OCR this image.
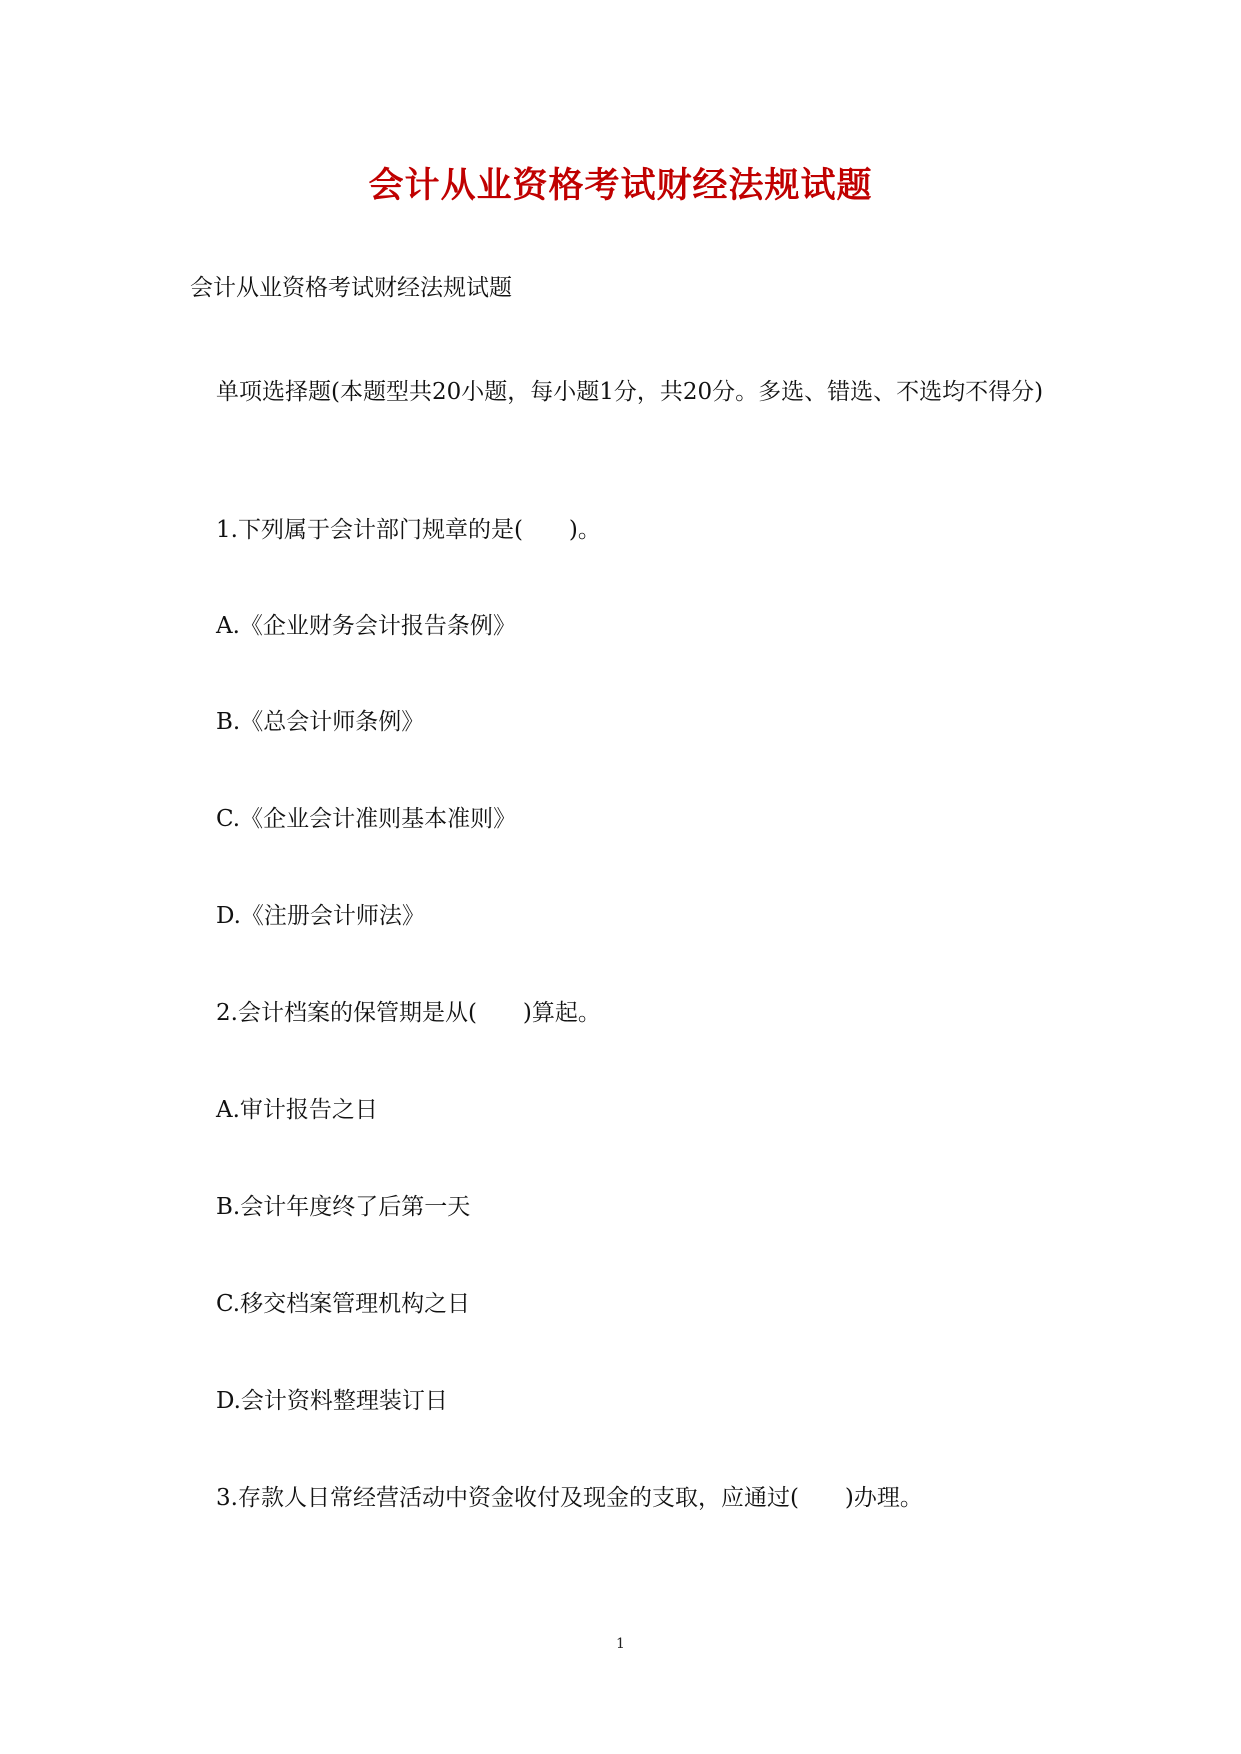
会计从业资格考试财经法规试题

会计从业资格考试财经法规试题

单项选择题(本题型共20小题，每小题1分，共20分。多选、错选、不选均不得分)

1.下列属于会计部门规章的是(　　)。

A.《企业财务会计报告条例》

B.《总会计师条例》

C.《企业会计准则基本准则》

D.《注册会计师法》

2.会计档案的保管期是从(　　)算起。

A.审计报告之日

B.会计年度终了后第一天

C.移交档案管理机构之日

D.会计资料整理装订日

3.存款人日常经营活动中资金收付及现金的支取，应通过(　　)办理。

1
